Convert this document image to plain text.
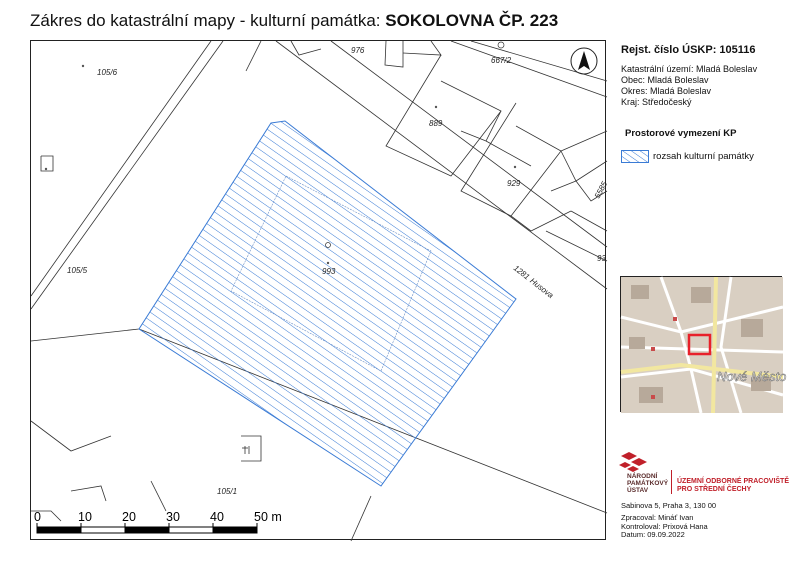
Zákres do katastrální mapy - kulturní památka: SOKOLOVNA ČP. 223
105/6
976
667/2
889
929	5585
93
105/5	993	1281Husova
105/1
0	10 20 30 40 50 m
Rejst. číslo ÚSKP: 105116
Katastrální území: Mladá Boleslav
Obec: Mladá Boleslav
Okres: Mladá Boleslav
Kraj: Středočeský
Prostorové vymezení KP
rozsah kulturní památky
Nové Město
NÁRODNÍ
PAMÁTKOVÝ
ÚSTAV
ÚZEMNÍ ODBORNÉ PRACOVIŠTĚ
PRO STŘEDNÍ ČECHY
Sabinova 5, Praha 3, 130 00
Zpracoval: Mináť Ivan
Kontroloval: Prixová Hana
Datum: 09.09.2022
